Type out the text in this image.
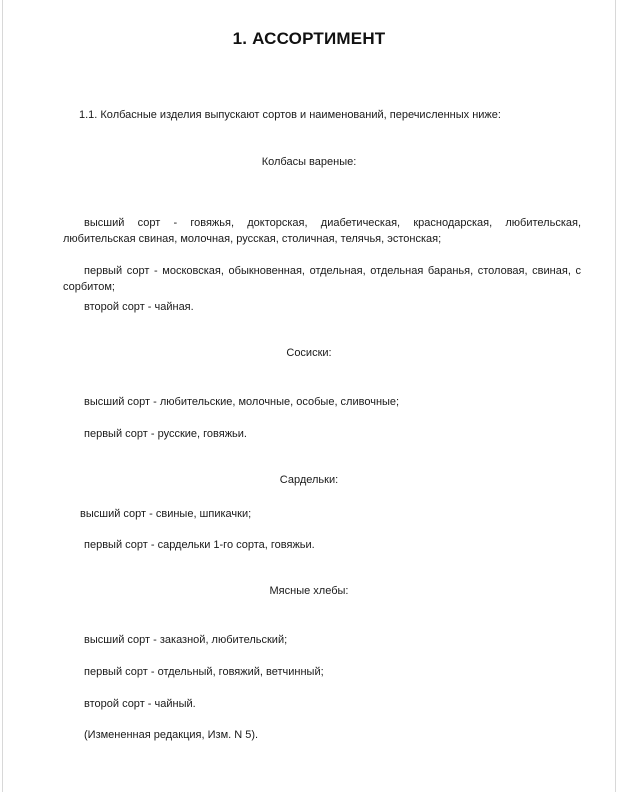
1. АССОРТИМЕНТ

1.1. Колбасные изделия выпускают сортов и наименований, перечисленных ниже:

Колбасы вареные:

высший сорт - говяжья, докторская, диабетическая, краснодарская, любительская, любительская свиная, молочная, русская, столичная, телячья, эстонская;

первый сорт - московская, обыкновенная, отдельная, отдельная баранья, столовая, свиная, с сорбитом;

второй сорт - чайная.

Сосиски:

высший сорт - любительские, молочные, особые, сливочные;

первый сорт - русские, говяжьи.

Сардельки:

высший сорт - свиные, шпикачки;

первый сорт - сардельки 1-го сорта, говяжьи.

Мясные хлебы:

высший сорт - заказной, любительский;

первый сорт - отдельный, говяжий, ветчинный;

второй сорт - чайный.

(Измененная редакция, Изм. N 5).
